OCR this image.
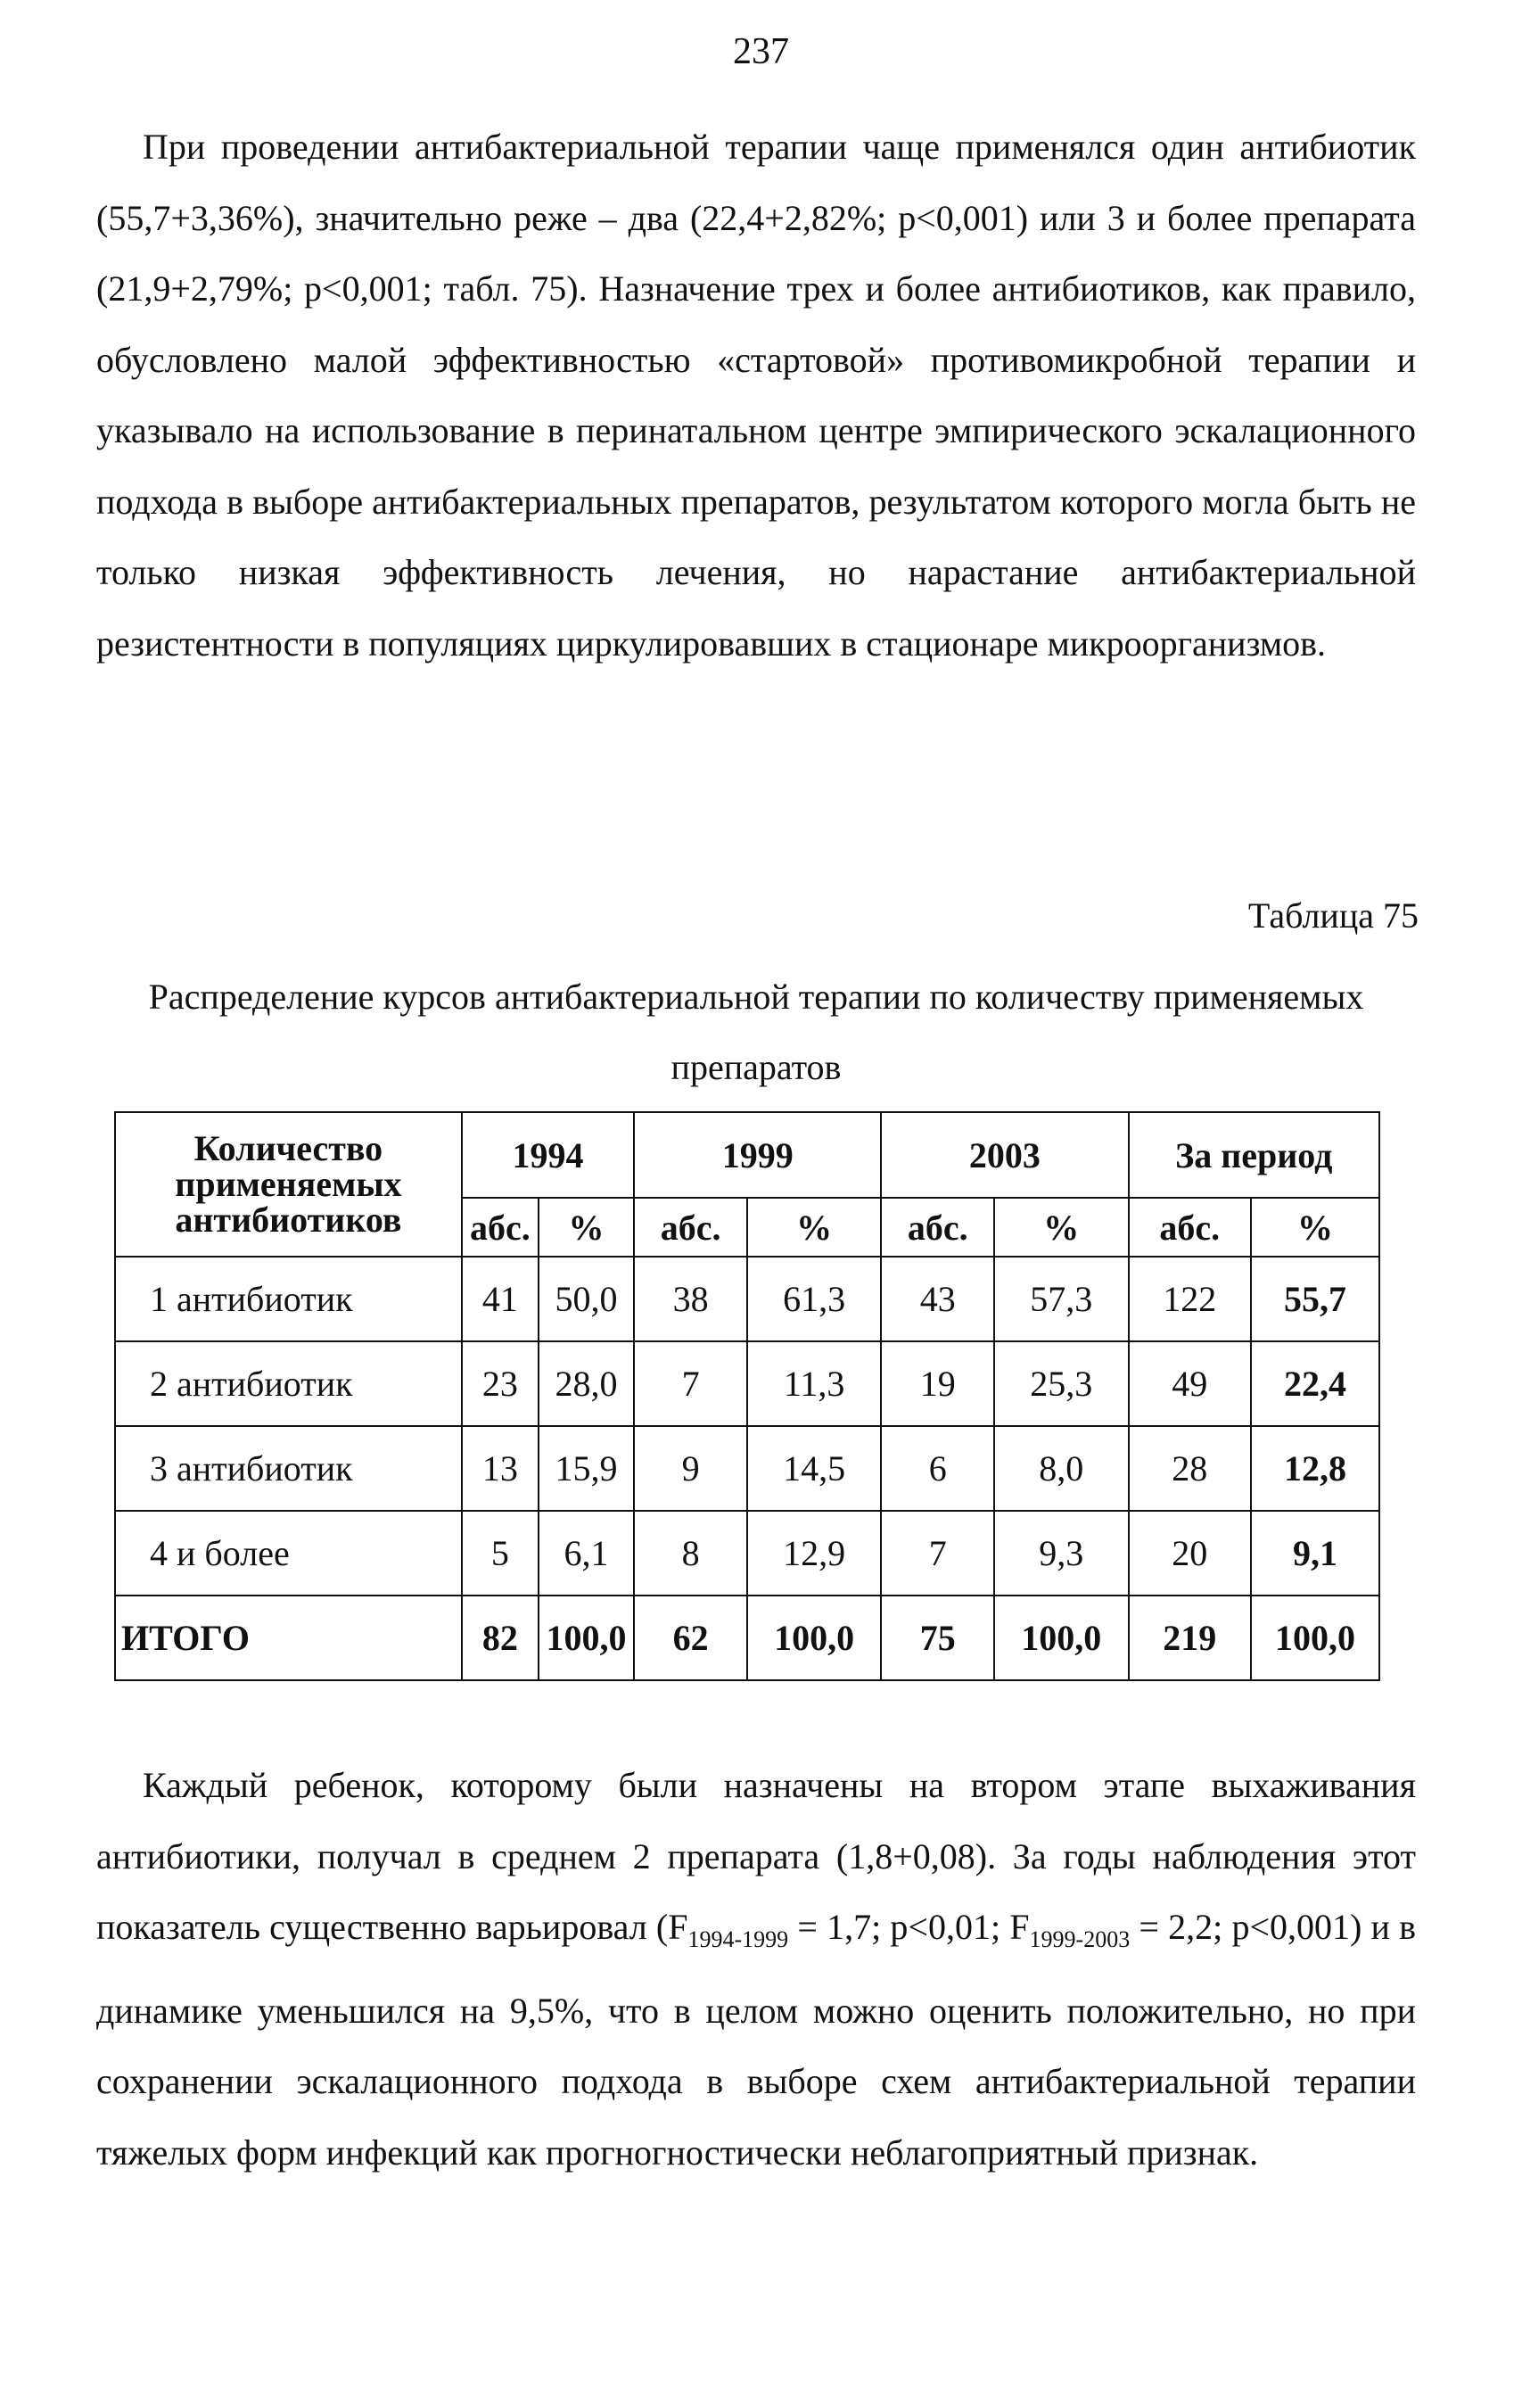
237

При проведении антибактериальной терапии чаще применялся один антибиотик (55,7+3,36%), значительно реже – два (22,4+2,82%; p<0,001) или 3 и более препарата (21,9+2,79%; p<0,001; табл. 75). Назначение трех и более антибиотиков, как правило, обусловлено малой эффективностью «стартовой» противомикробной терапии и указывало на использование в перинатальном центре эмпирического эскалационного подхода в выборе антибактериальных препаратов, результатом которого могла быть не только низкая эффективность лечения, но нарастание антибактериальной резистентности в популяциях циркулировавших в стационаре микроорганизмов.

Таблица 75
Распределение курсов антибактериальной терапии по количеству применяемых препаратов
Количество применяемых антибиотиков	1994		1999		2003		За период	
	абс.	%	абс.	%	абс.	%	абс.	%
1 антибиотик	41	50,0	38	61,3	43	57,3	122	55,7
2 антибиотик	23	28,0	7	11,3	19	25,3	49	22,4
3 антибиотик	13	15,9	9	14,5	6	8,0	28	12,8
4 и более	5	6,1	8	12,9	7	9,3	20	9,1
ИТОГО	82	100,0	62	100,0	75	100,0	219	100,0

Каждый ребенок, которому были назначены на втором этапе выхаживания антибиотики, получал в среднем 2 препарата (1,8+0,08). За годы наблюдения этот показатель существенно варьировал ($F_{1994-1999} = 1,7$; p<0,01; $F_{1999-2003} = 2,2$; p<0,001) и в динамике уменьшился на 9,5%, что в целом можно оценить положительно, но при сохранении эскалационного подхода в выборе схем антибактериальной терапии тяжелых форм инфекций как прогногностически неблагоприятный признак.
